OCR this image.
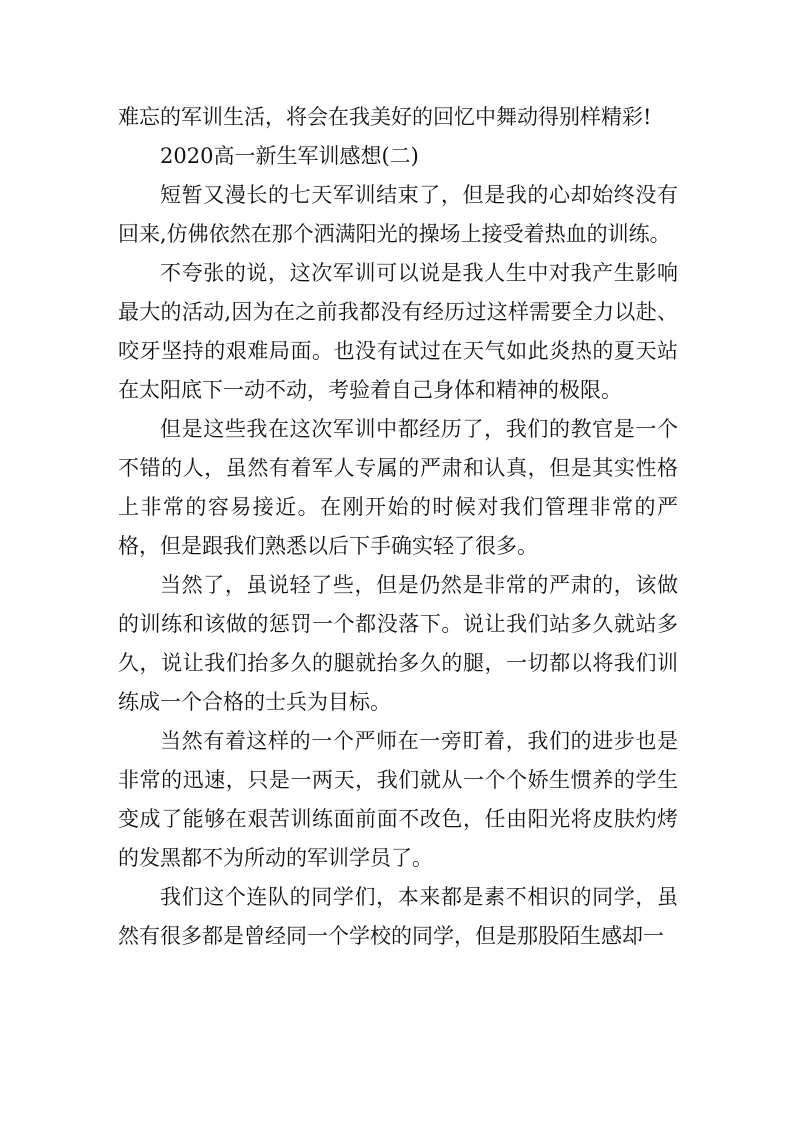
难忘的军训生活，将会在我美好的回忆中舞动得别样精彩!

2020高一新生军训感想(二)

短暂又漫长的七天军训结束了，但是我的心却始终没有回来,仿佛依然在那个洒满阳光的操场上接受着热血的训练。

不夸张的说，这次军训可以说是我人生中对我产生影响最大的活动,因为在之前我都没有经历过这样需要全力以赴、咬牙坚持的艰难局面。也没有试过在天气如此炎热的夏天站在太阳底下一动不动，考验着自己身体和精神的极限。

但是这些我在这次军训中都经历了，我们的教官是一个不错的人，虽然有着军人专属的严肃和认真，但是其实性格上非常的容易接近。在刚开始的时候对我们管理非常的严格，但是跟我们熟悉以后下手确实轻了很多。

当然了，虽说轻了些，但是仍然是非常的严肃的，该做的训练和该做的惩罚一个都没落下。说让我们站多久就站多久，说让我们抬多久的腿就抬多久的腿，一切都以将我们训练成一个合格的士兵为目标。

当然有着这样的一个严师在一旁盯着，我们的进步也是非常的迅速，只是一两天，我们就从一个个娇生惯养的学生变成了能够在艰苦训练面前面不改色，任由阳光将皮肤灼烤的发黑都不为所动的军训学员了。

我们这个连队的同学们，本来都是素不相识的同学，虽然有很多都是曾经同一个学校的同学，但是那股陌生感却一
